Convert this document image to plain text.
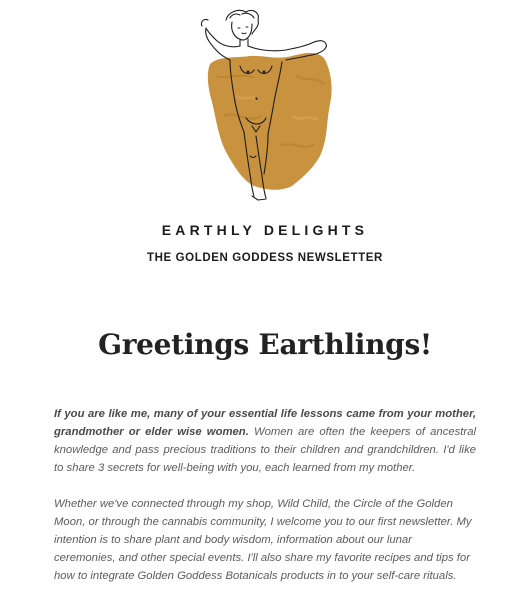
EARTHLY DELIGHTS
THE GOLDEN GODDESS NEWSLETTER
Greetings Earthlings!

If you are like me, many of your essential life lessons came from your mother, grandmother or elder wise women. Women are often the keepers of ancestral knowledge and pass precious traditions to their children and grandchildren. I'd like to share 3 secrets for well-being with you, each learned from my mother.

Whether we've connected through my shop, Wild Child, the Circle of the Golden Moon, or through the cannabis community, I welcome you to our first newsletter. My intention is to share plant and body wisdom, information about our lunar ceremonies, and other special events. I'll also share my favorite recipes and tips for how to integrate Golden Goddess Botanicals products in to your self-care rituals.
